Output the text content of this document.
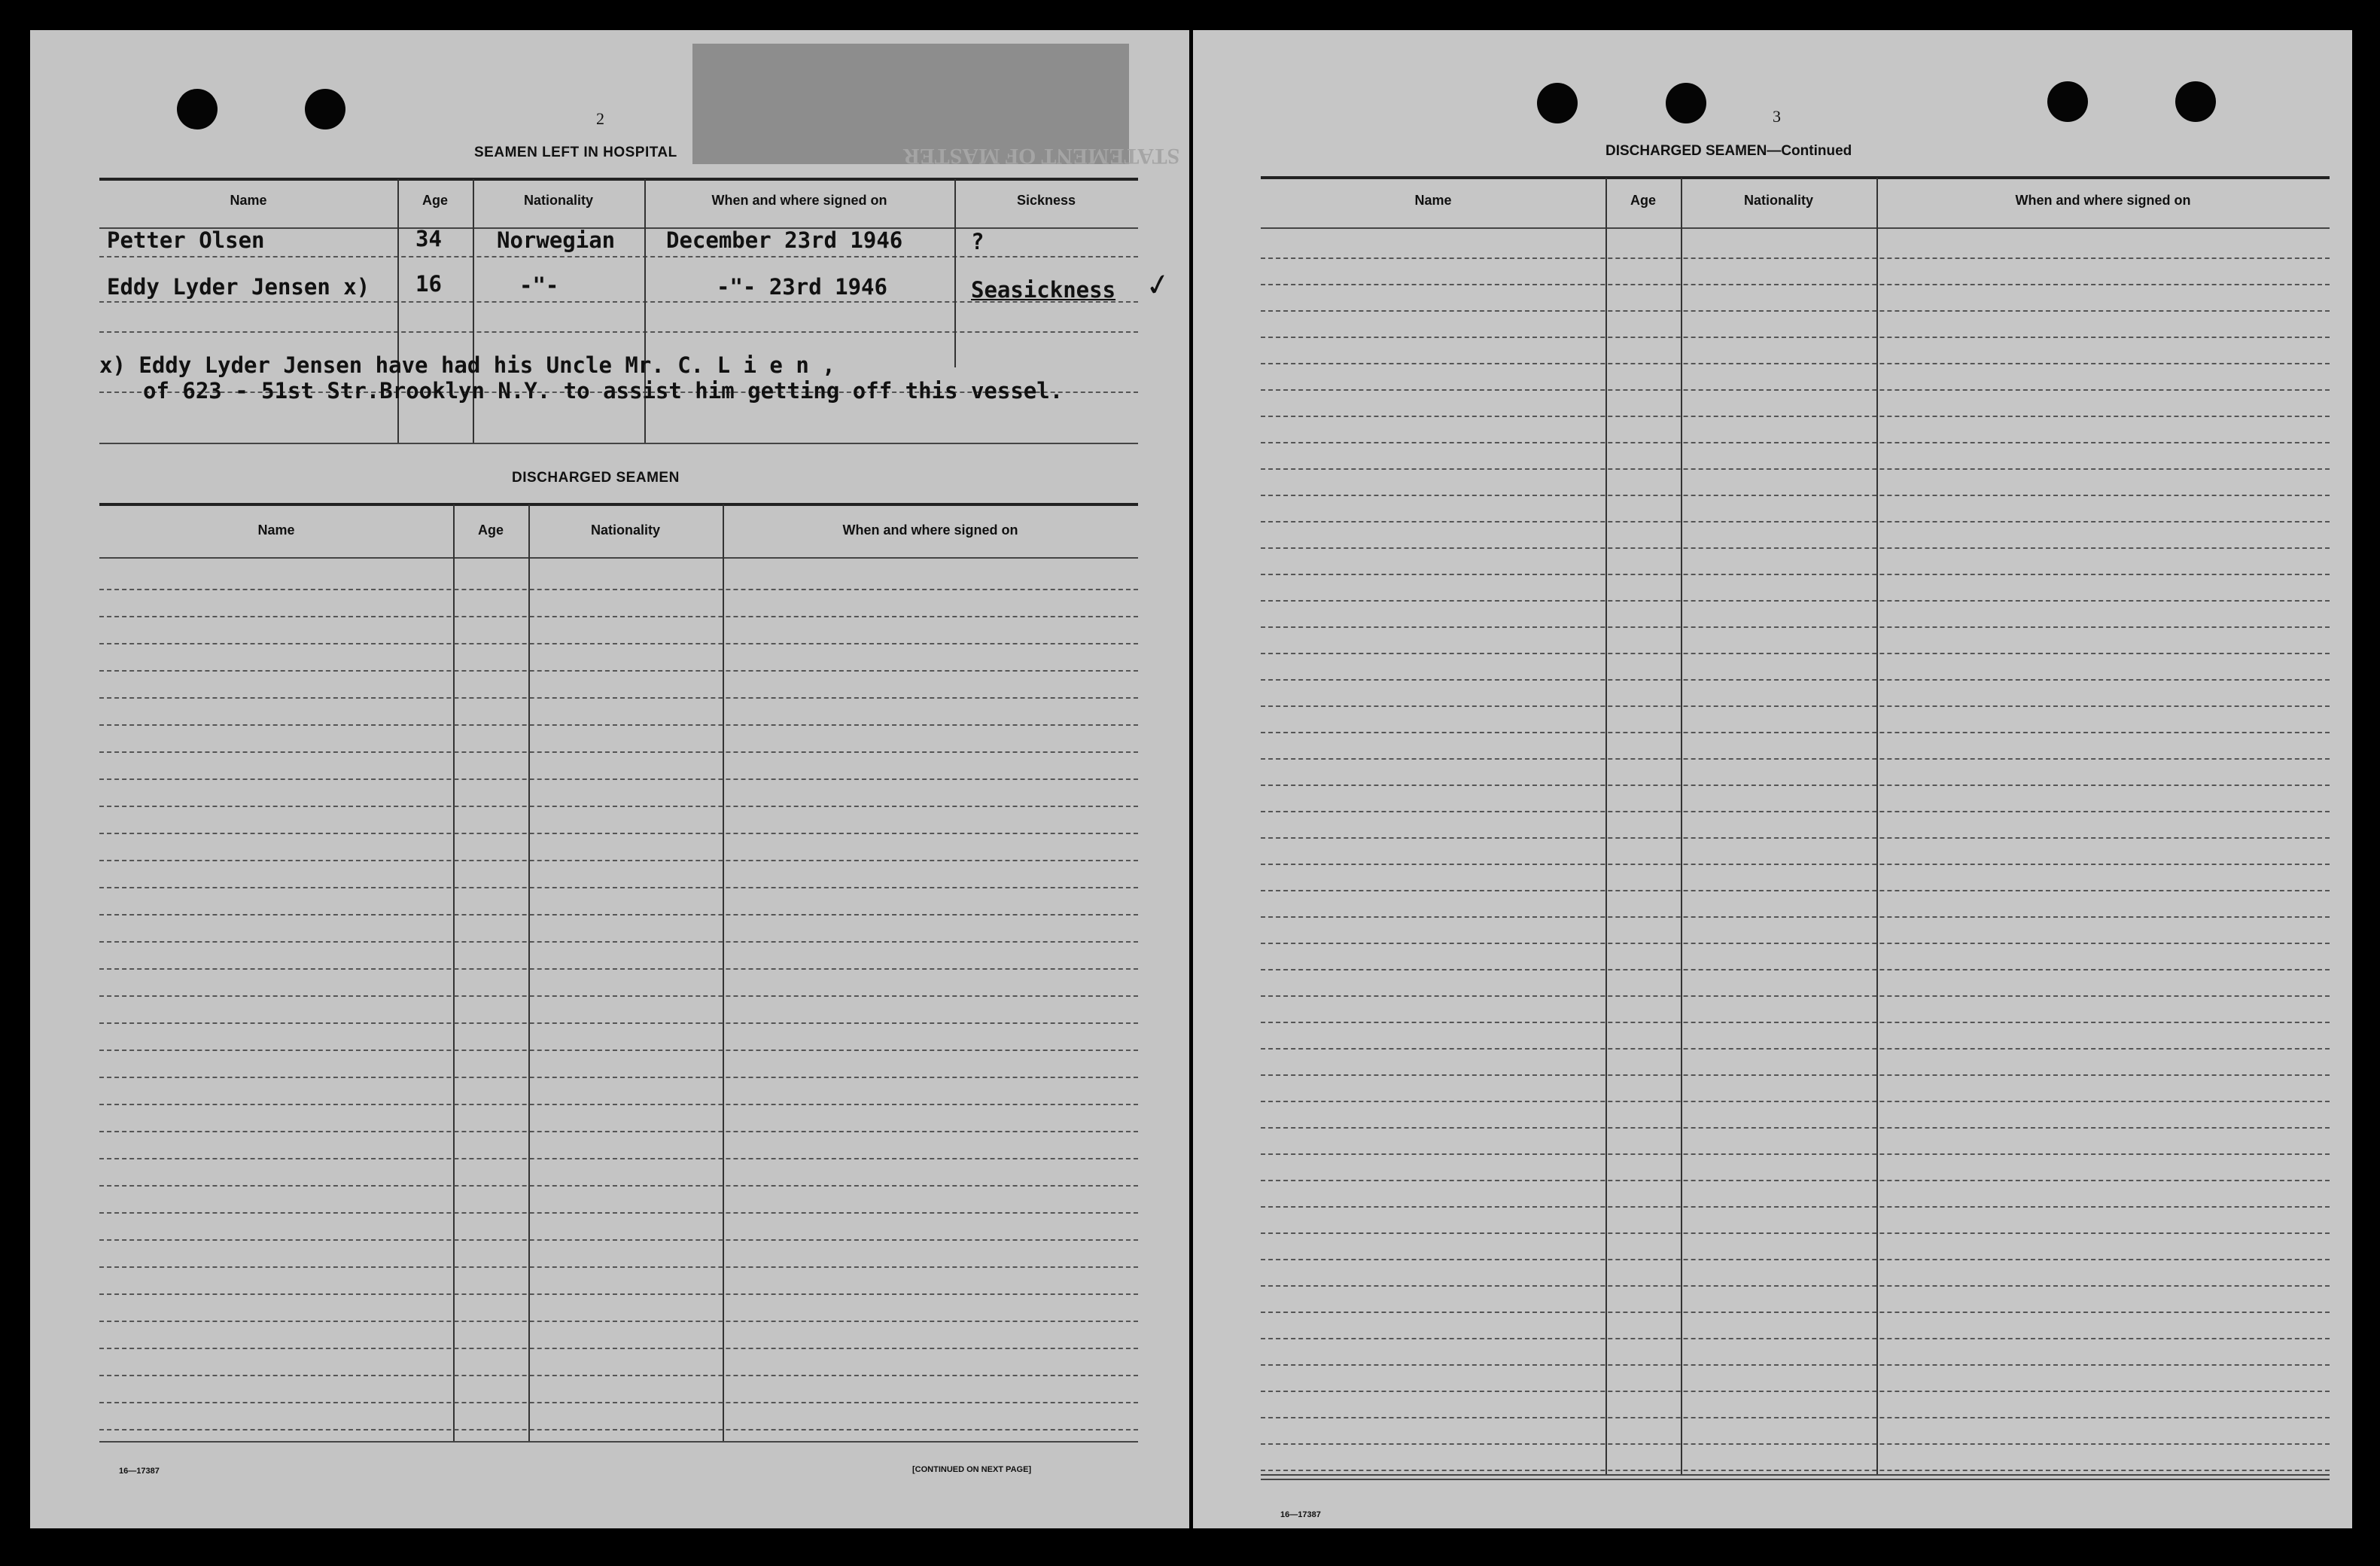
STATEMENT OF MASTER
2
SEAMEN LEFT IN HOSPITAL
Name	Age	Nationality	When and where signed on	Sickness
Petter Olsen	34	Norwegian December 23rd 1946	?
Eddy Lyder Jensen x) 16	-"-	-"- 23rd 1946	Seasickness ✓
x) Eddy Lyder Jensen have had his Uncle Mr. C. L i e n ,
of 623 - 51st Str.Brooklyn N.Y. to assist him getting off this vessel.
DISCHARGED SEAMEN
Name	Age	Nationality	When and where signed on
16—17387	[CONTINUED ON NEXT PAGE]
3
DISCHARGED SEAMEN—Continued
Name	Age	Nationality	When and where signed on
16—17387
